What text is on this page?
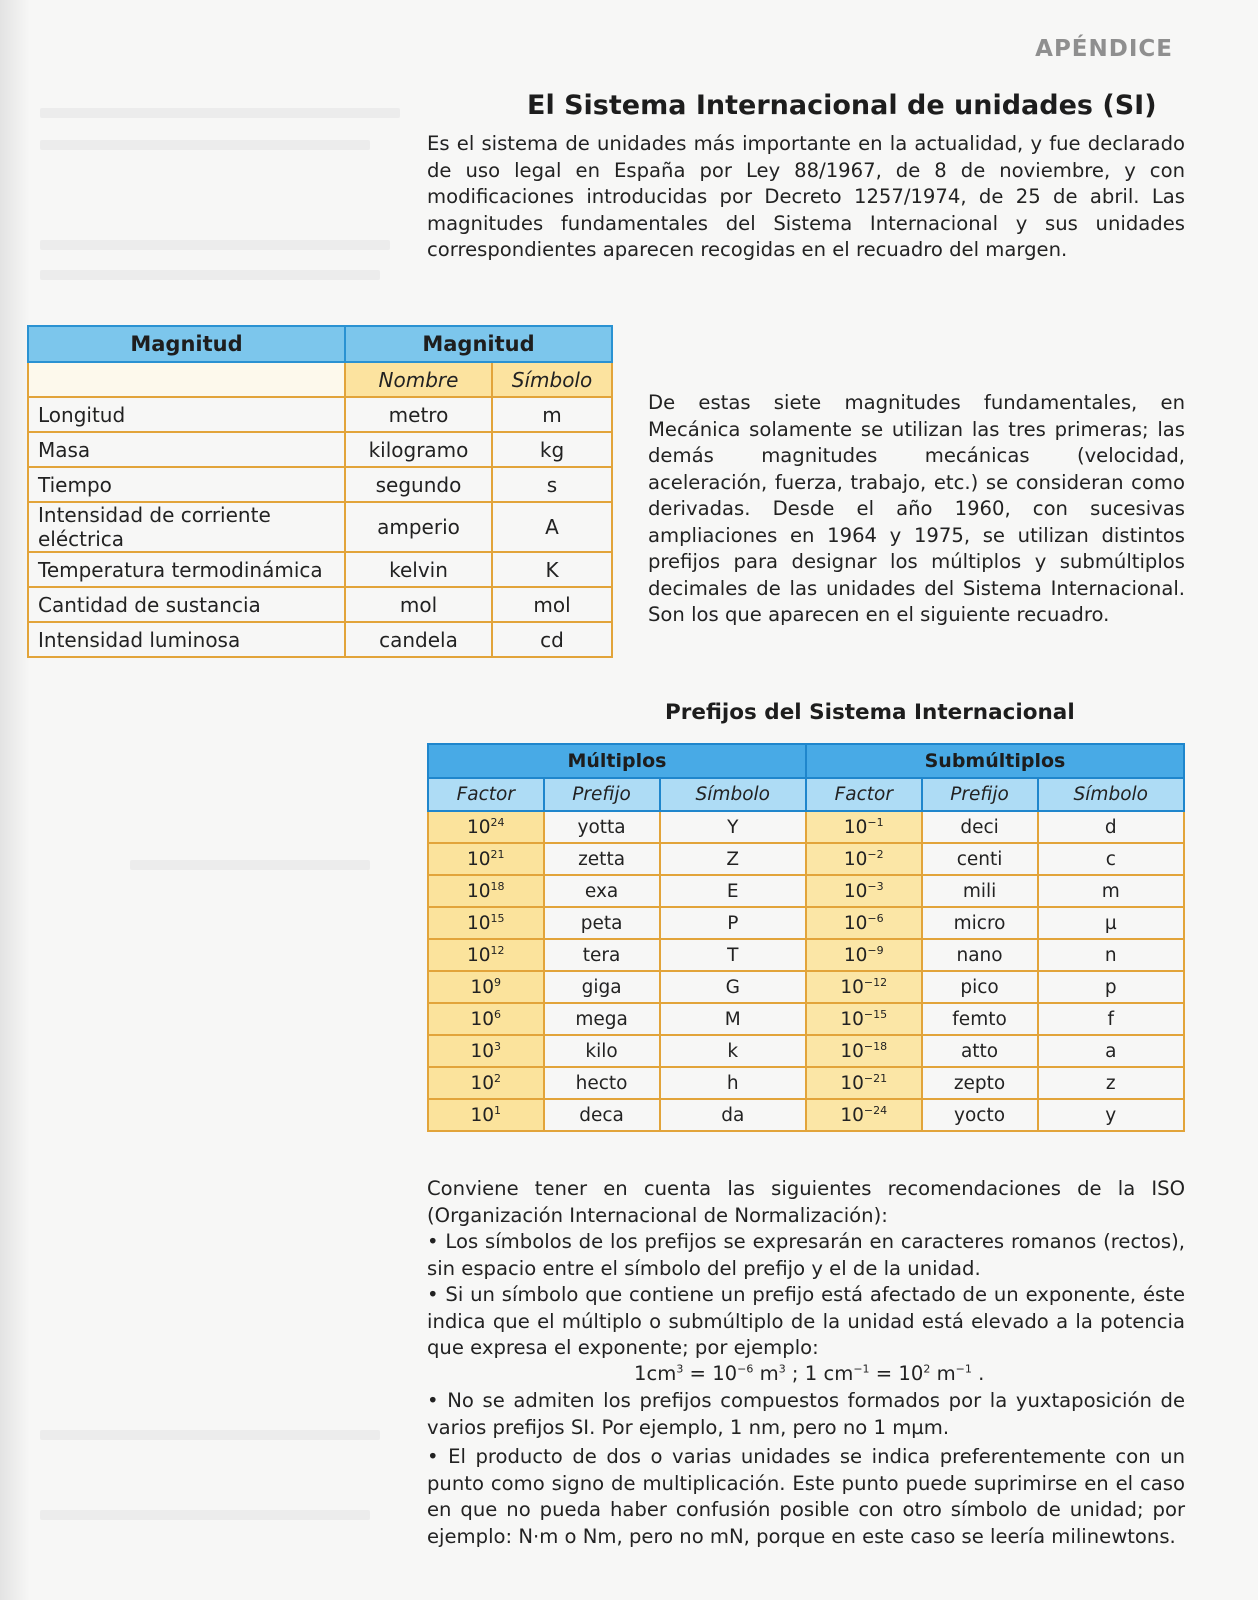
APÉNDICE
El Sistema Internacional de unidades (SI)
Es el sistema de unidades más importante en la actualidad, y fue declarado de uso legal en España por Ley 88/1967, de 8 de noviembre, y con modificaciones introducidas por Decreto 1257/1974, de 25 de abril. Las magnitudes fundamentales del Sistema Internacional y sus unidades correspondientes aparecen recogidas en el recuadro del margen.
Magnitud	Magnitud	
	Nombre	Símbolo
Longitud	metro	m
Masa	kilogramo	kg
Tiempo	segundo	s
Intensidad de corriente eléctrica	amperio	A
Temperatura termodinámica	kelvin	K
Cantidad de sustancia	mol	mol
Intensidad luminosa	candela	cd
De estas siete magnitudes fundamentales, en Mecánica solamente se utilizan las tres primeras; las demás magnitudes mecánicas (velocidad, aceleración, fuerza, trabajo, etc.) se consideran como derivadas. Desde el año 1960, con sucesivas ampliaciones en 1964 y 1975, se utilizan distintos prefijos para designar los múltiplos y submúltiplos decimales de las unidades del Sistema Internacional. Son los que aparecen en el siguiente recuadro.
Prefijos del Sistema Internacional
Múltiplos			Submúltiplos		
Factor	Prefijo	Símbolo	Factor	Prefijo	Símbolo
$10^{24}$	yotta	Y	$10^{-1}$	deci	d
$10^{21}$	zetta	Z	$10^{-2}$	centi	c
$10^{18}$	exa	E	$10^{-3}$	mili	m
$10^{15}$	peta	P	$10^{-6}$	micro	µ
$10^{12}$	tera	T	$10^{-9}$	nano	n
$10^9$	giga	G	$10^{-12}$	pico	p
$10^6$	mega	M	$10^{-15}$	femto	f
$10^3$	kilo	k	$10^{-18}$	atto	a
$10^2$	hecto	h	$10^{-21}$	zepto	z
$10^1$	deca	da	$10^{-24}$	yocto	y
Conviene tener en cuenta las siguientes recomendaciones de la ISO (Organización Internacional de Normalización):
• Los símbolos de los prefijos se expresarán en caracteres romanos (rectos), sin espacio entre el símbolo del prefijo y el de la unidad.
• Si un símbolo que contiene un prefijo está afectado de un exponente, éste indica que el múltiplo o submúltiplo de la unidad está elevado a la potencia que expresa el exponente; por ejemplo:
$1cm^3 = 10^{-6}$ $m^3$ ; 1 $cm^{-1} = 10^2$ $m^{-1}$ .
• No se admiten los prefijos compuestos formados por la yuxtaposición de varios prefijos SI. Por ejemplo, 1 nm, pero no 1 mµm.
• El producto de dos o varias unidades se indica preferentemente con un punto como signo de multiplicación. Este punto puede suprimirse en el caso en que no pueda haber confusión posible con otro símbolo de unidad; por ejemplo: N·m o Nm, pero no mN, porque en este caso se leería milinewtons.
